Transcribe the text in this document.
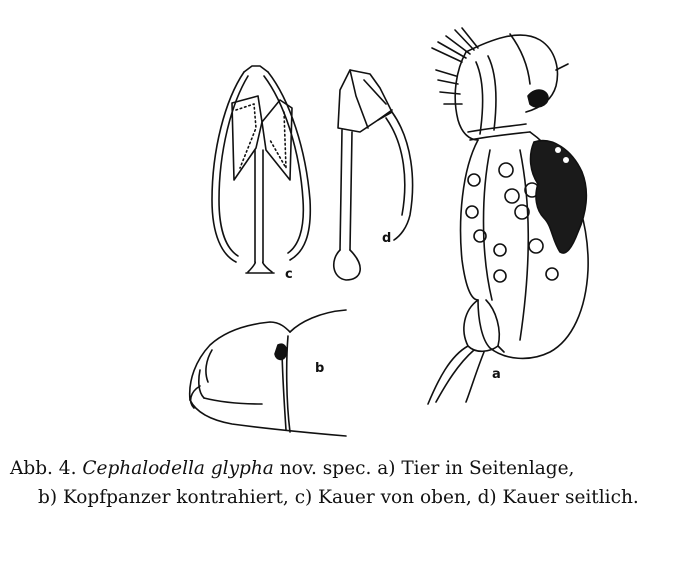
c
d
b	a
Abb. 4. Cephalodella glypha nov. spec. a) Tier in Seitenlage,
b) Kopfpanzer kontrahiert, c) Kauer von oben, d) Kauer seitlich.
